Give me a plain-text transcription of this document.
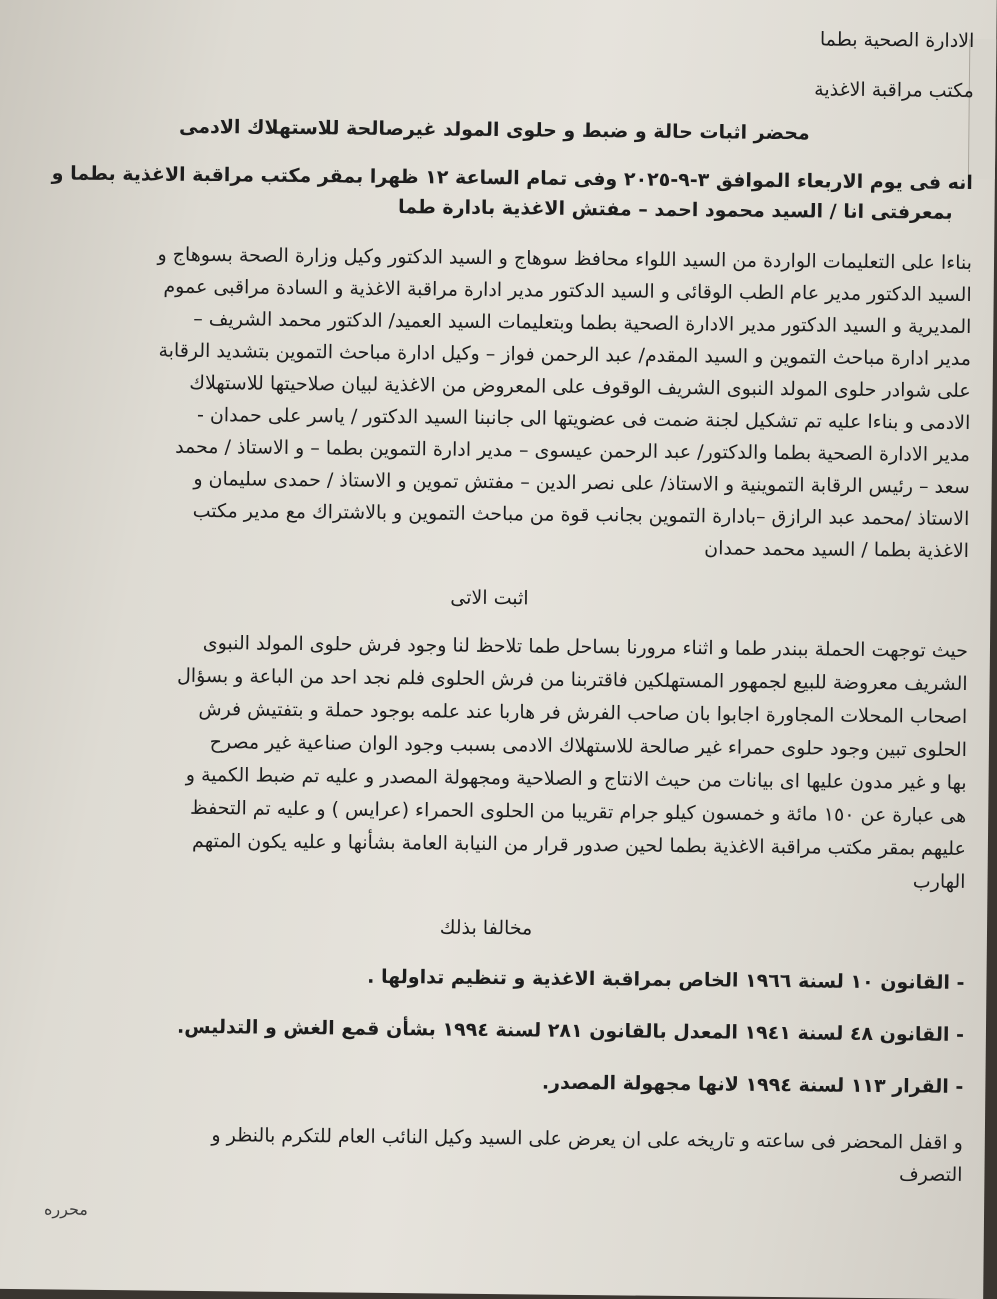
الادارة الصحية بطما
مكتب مراقبة الاغذية
محضر اثبات حالة و ضبط و حلوى المولد غيرصالحة للاستهلاك الادمى
انه فى يوم الاربعاء الموافق ٣-٩-٢٠٢٥ وفى تمام الساعة ١٢ ظهرا بمقر مكتب مراقبة الاغذية بطما و
بمعرفتى انا / السيد محمود احمد – مفتش الاغذية بادارة طما
بناءا على التعليمات الواردة من السيد اللواء محافظ سوهاج و السيد الدكتور وكيل وزارة الصحة بسوهاج و
السيد الدكتور مدير عام الطب الوقائى و السيد الدكتور مدير ادارة مراقبة الاغذية و السادة مراقبى عموم
المديرية و السيد الدكتور مدير الادارة الصحية بطما وبتعليمات السيد العميد/ الدكتور محمد الشريف –
مدير ادارة مباحث التموين و السيد المقدم/ عبد الرحمن فواز – وكيل ادارة مباحث التموين بتشديد الرقابة
على شوادر حلوى المولد النبوى الشريف الوقوف على المعروض من الاغذية لبيان صلاحيتها للاستهلاك
الادمى و بناءا عليه تم تشكيل لجنة ضمت فى عضويتها الى جانبنا السيد الدكتور / ياسر على حمدان -
مدير الادارة الصحية بطما والدكتور/ عبد الرحمن عيسوى – مدير ادارة التموين بطما – و الاستاذ / محمد
سعد – رئيس الرقابة التموينية و الاستاذ/ على نصر الدين – مفتش تموين و الاستاذ / حمدى سليمان و
الاستاذ /محمد عبد الرازق –بادارة التموين بجانب قوة من مباحث التموين و بالاشتراك مع مدير مكتب
الاغذية بطما / السيد محمد حمدان
اثبت الاتى
حيث توجهت الحملة ببندر طما و اثناء مرورنا بساحل طما تلاحظ لنا وجود فرش حلوى المولد النبوى
الشريف معروضة للبيع لجمهور المستهلكين فاقتربنا من فرش الحلوى فلم نجد احد من الباعة و بسؤال
اصحاب المحلات المجاورة اجابوا بان صاحب الفرش فر هاربا عند علمه بوجود حملة و بتفتيش فرش
الحلوى تبين وجود حلوى حمراء غير صالحة للاستهلاك الادمى بسبب وجود الوان صناعية غير مصرح
بها و غير مدون عليها اى بيانات من حيث الانتاج و الصلاحية ومجهولة المصدر و عليه تم ضبط الكمية و
هى عبارة عن ١٥٠ مائة و خمسون كيلو جرام تقريبا من الحلوى الحمراء (عرايس ) و عليه تم التحفظ
عليهم بمقر مكتب مراقبة الاغذية بطما لحين صدور قرار من النيابة العامة بشأنها و عليه يكون المتهم
الهارب
مخالفا بذلك
- القانون ١٠ لسنة ١٩٦٦ الخاص بمراقبة الاغذية و تنظيم تداولها .
- القانون ٤٨ لسنة ١٩٤١ المعدل بالقانون ٢٨١ لسنة ١٩٩٤ بشأن قمع الغش و التدليس.
- القرار ١١٣ لسنة ١٩٩٤ لانها مجهولة المصدر.
و اقفل المحضر فى ساعته و تاريخه على ان يعرض على السيد وكيل النائب العام للتكرم بالنظر و
التصرف
محرره
